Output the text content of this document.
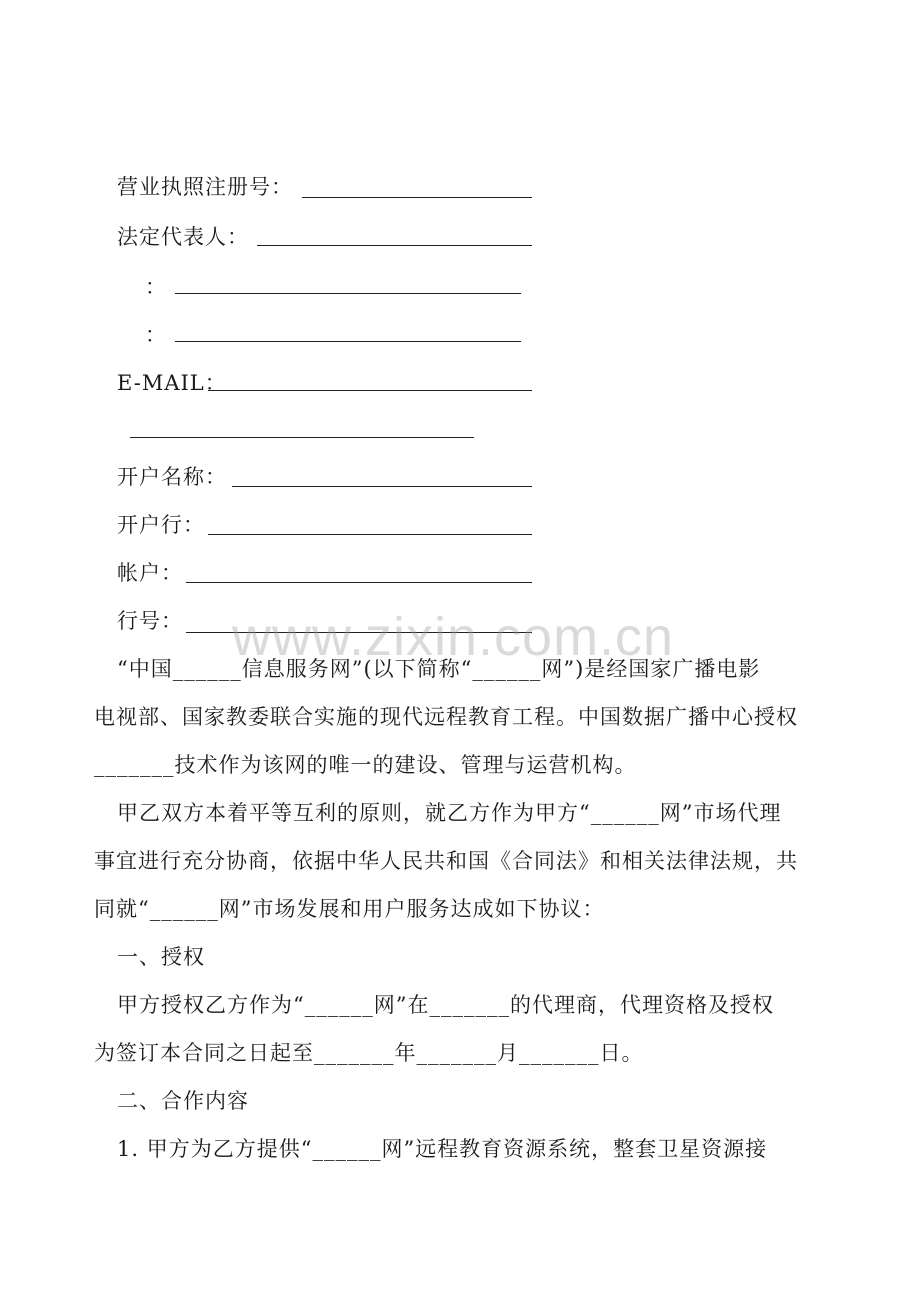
营业执照注册号：
法定代表人：
：
：
E-MAIL：
开户名称：
开户行：
帐户：
行号： www.zixin.com.cn
“中国______信息服务网”(以下简称“______网”)是经国家广播电影
电视部、国家教委联合实施的现代远程教育工程。中国数据广播中心授权
_______技术作为该网的唯一的建设、管理与运营机构。
甲乙双方本着平等互利的原则，就乙方作为甲方“______网”市场代理
事宜进行充分协商，依据中华人民共和国《合同法》和相关法律法规，共
同就“______网”市场发展和用户服务达成如下协议：
一、授权
甲方授权乙方作为“______网”在_______的代理商，代理资格及授权
为签订本合同之日起至_______年_______月_______日。
二、合作内容
1. 甲方为乙方提供“______网”远程教育资源系统，整套卫星资源接
